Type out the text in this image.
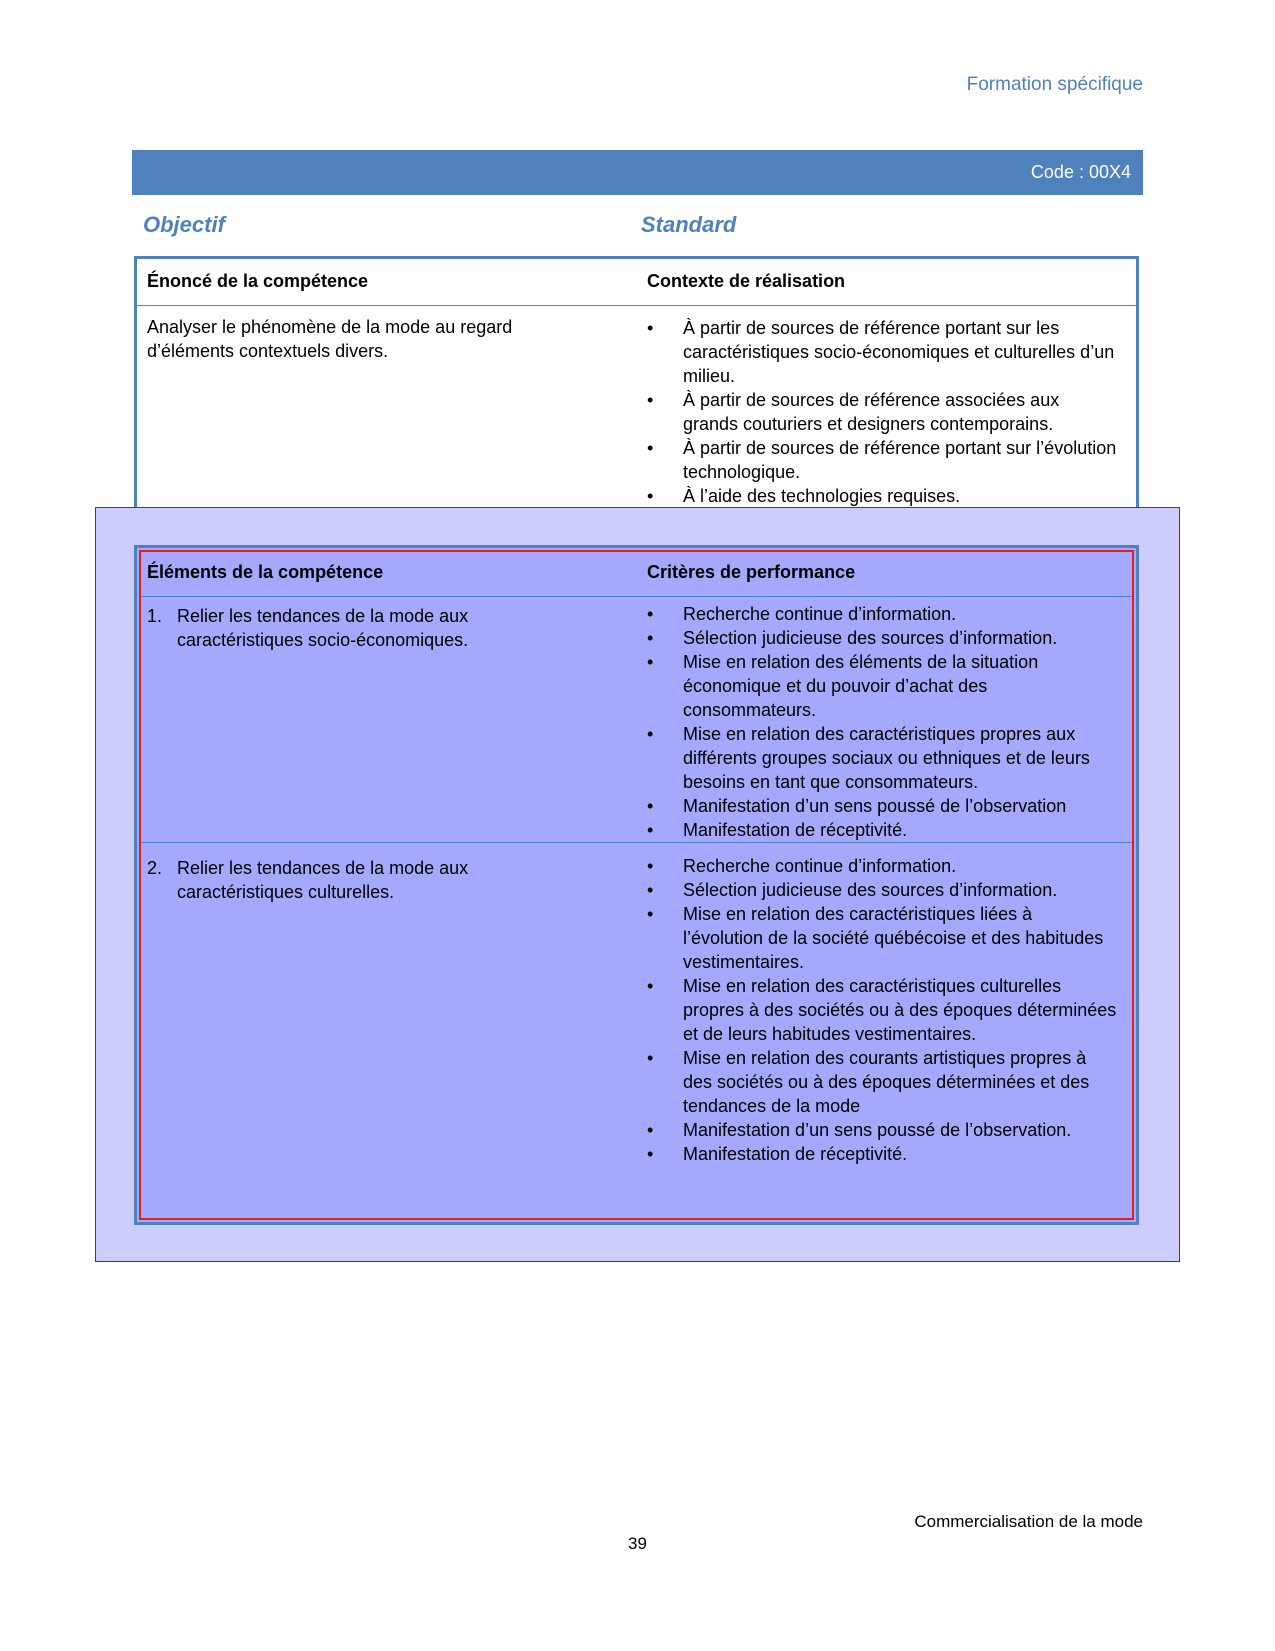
Formation spécifique
Code : 00X4
Objectif	Standard
Énoncé de la compétence	Contexte de réalisation
Analyser le phénomène de la mode au regard d’éléments contextuels divers.
• À partir de sources de référence portant sur les caractéristiques socio-économiques et culturelles d’un milieu.
• À partir de sources de référence associées aux grands couturiers et designers contemporains.
• À partir de sources de référence portant sur l’évolution technologique.
• À l’aide des technologies requises.
Éléments de la compétence	Critères de performance
1. Relier les tendances de la mode aux caractéristiques socio-économiques.
• Recherche continue d’information.
• Sélection judicieuse des sources d’information.
• Mise en relation des éléments de la situation économique et du pouvoir d’achat des consommateurs.
• Mise en relation des caractéristiques propres aux différents groupes sociaux ou ethniques et de leurs besoins en tant que consommateurs.
• Manifestation d’un sens poussé de l’observation
• Manifestation de réceptivité.
2. Relier les tendances de la mode aux caractéristiques culturelles.
• Recherche continue d’information.
• Sélection judicieuse des sources d’information.
• Mise en relation des caractéristiques liées à l’évolution de la société québécoise et des habitudes vestimentaires.
• Mise en relation des caractéristiques culturelles propres à des sociétés ou à des époques déterminées et de leurs habitudes vestimentaires.
• Mise en relation des courants artistiques propres à des sociétés ou à des époques déterminées et des tendances de la mode
• Manifestation d’un sens poussé de l’observation.
• Manifestation de réceptivité.
Commercialisation de la mode
39
